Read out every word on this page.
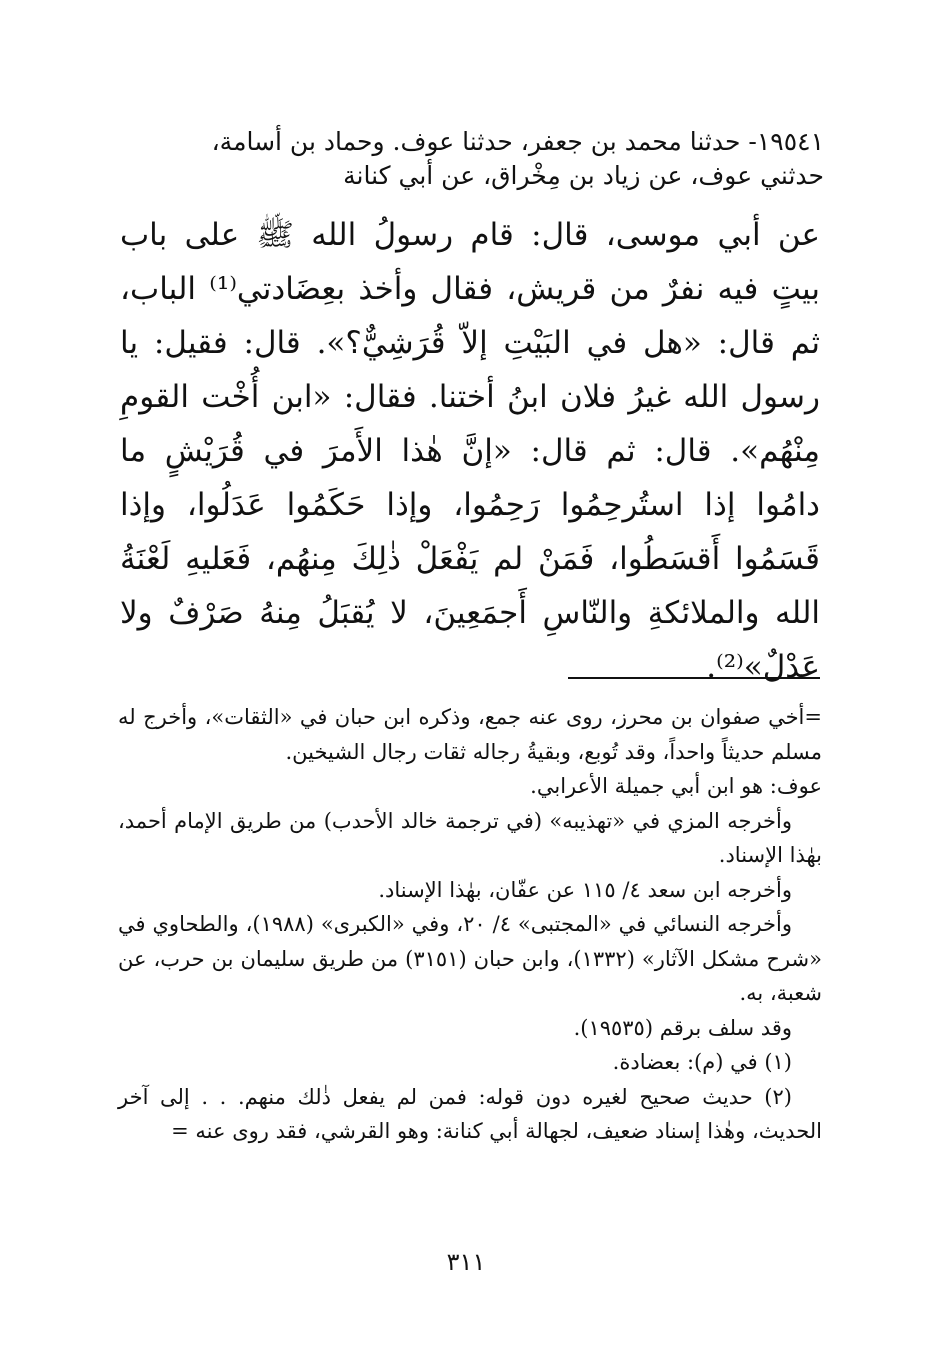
١٩٥٤١- حدثنا محمد بن جعفر، حدثنا عوف. وحماد بن أسامة،
حدثني عوف، عن زياد بن مِخْراق، عن أبي كنانة

عن أبي موسى، قال: قام رسولُ الله ﷺ على باب بيتٍ فيه نفرٌ من قريش، فقال وأخذ بعِضَادتي⁽¹⁾ الباب، ثم قال: «هل في البَيْتِ إلاّ قُرَشِيٌّ؟». قال: فقيل: يا رسول الله غيرُ فلان ابنُ أختنا. فقال: «ابن أُخْت القومِ مِنْهُم». قال: ثم قال: «إنَّ هٰذا الأَمرَ في قُرَيْشٍ ما دامُوا إذا استُرحِمُوا رَحِمُوا، وإذا حَكَمُوا عَدَلُوا، وإذا قَسَمُوا أَقسَطُوا، فَمَنْ لم يَفْعَلْ ذٰلِكَ مِنهُم، فَعَليهِ لَعْنَةُ الله والملائكةِ والنّاسِ أَجمَعِينَ، لا يُقبَلُ مِنهُ صَرْفٌ ولا عَدْلٌ»⁽²⁾.

=أخي صفوان بن محرز، روى عنه جمع، وذكره ابن حبان في «الثقات»، وأخرج له مسلم حديثاً واحداً، وقد تُوبع، وبقيةُ رجاله ثقات رجال الشيخين.

عوف: هو ابن أبي جميلة الأعرابي.

وأخرجه المزي في «تهذيبه» (في ترجمة خالد الأحدب) من طريق الإمام أحمد، بهٰذا الإسناد.

وأخرجه ابن سعد ٤/ ١١٥ عن عفّان، بهٰذا الإسناد.

وأخرجه النسائي في «المجتبى» ٤/ ٢٠، وفي «الكبرى» (١٩٨٨)، والطحاوي في «شرح مشكل الآثار» (١٣٣٢)، وابن حبان (٣١٥١) من طريق سليمان بن حرب، عن شعبة، به.

وقد سلف برقم (١٩٥٣٥).

(١) في (م): بعضادة.

(٢) حديث صحيح لغيره دون قوله: فمن لم يفعل ذٰلك منهم. . . إلى آخر الحديث، وهٰذا إسناد ضعيف، لجهالة أبي كنانة: وهو القرشي، فقد روى عنه =

٣١١
